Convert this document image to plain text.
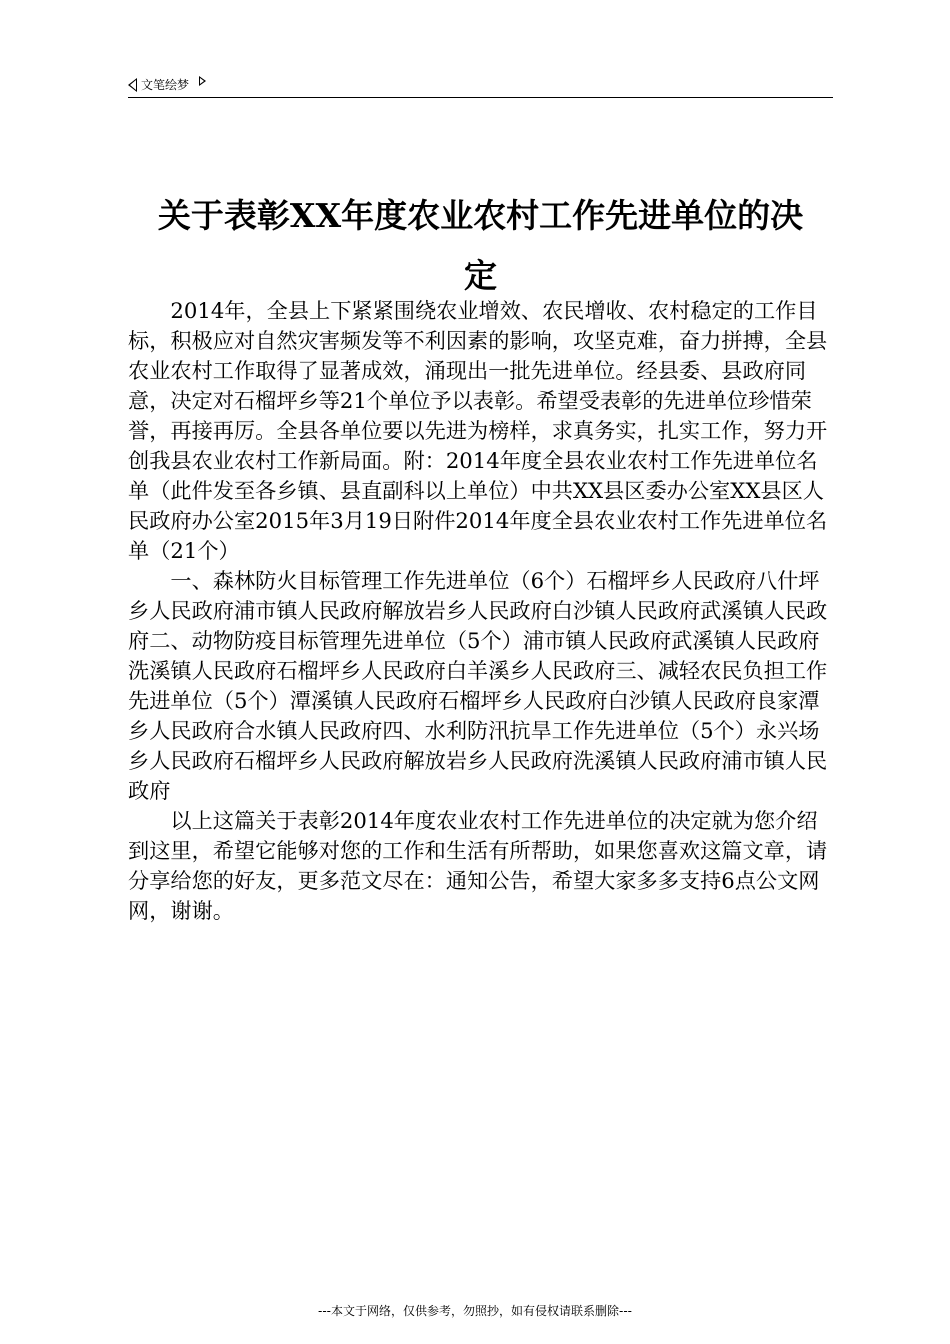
文笔绘梦
关于表彰XX年度农业农村工作先进单位的决
定

2014年，全县上下紧紧围绕农业增效、农民增收、农村稳定的工作目标，积极应对自然灾害频发等不利因素的影响，攻坚克难，奋力拼搏，全县农业农村工作取得了显著成效，涌现出一批先进单位。经县委、县政府同意，决定对石榴坪乡等21个单位予以表彰。希望受表彰的先进单位珍惜荣誉，再接再厉。全县各单位要以先进为榜样，求真务实，扎实工作，努力开创我县农业农村工作新局面。附：2014年度全县农业农村工作先进单位名单（此件发至各乡镇、县直副科以上单位）中共XX县区委办公室XX县区人民政府办公室2015年3月19日附件2014年度全县农业农村工作先进单位名单（21个）

一、森林防火目标管理工作先进单位（6个）石榴坪乡人民政府八什坪乡人民政府浦市镇人民政府解放岩乡人民政府白沙镇人民政府武溪镇人民政府二、动物防疫目标管理先进单位（5个）浦市镇人民政府武溪镇人民政府洗溪镇人民政府石榴坪乡人民政府白羊溪乡人民政府三、减轻农民负担工作先进单位（5个）潭溪镇人民政府石榴坪乡人民政府白沙镇人民政府良家潭乡人民政府合水镇人民政府四、水利防汛抗旱工作先进单位（5个）永兴场乡人民政府石榴坪乡人民政府解放岩乡人民政府洗溪镇人民政府浦市镇人民政府

以上这篇关于表彰2014年度农业农村工作先进单位的决定就为您介绍到这里，希望它能够对您的工作和生活有所帮助，如果您喜欢这篇文章，请分享给您的好友，更多范文尽在：通知公告，希望大家多多支持6点公文网网，谢谢。

---本文于网络，仅供参考，勿照抄，如有侵权请联系删除---
